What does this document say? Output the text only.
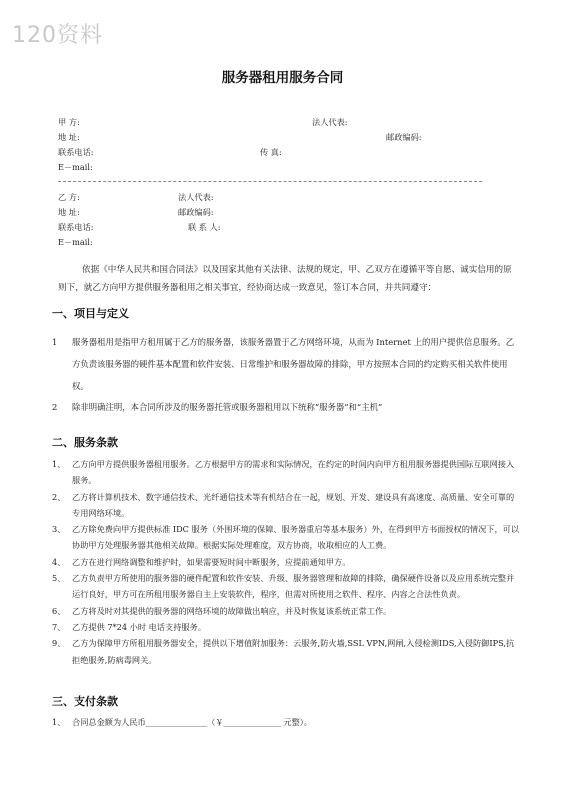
120资料
服务器租用服务合同
甲 方:	法人代表:
地 址:	邮政编码:
联系电话:	传 真:
E－mail:
乙 方:	法人代表:
地 址:	邮政编码:
联系电话:	联 系 人:
E－mail:
依据《中华人民共和国合同法》以及国家其他有关法律、法规的规定，甲、乙双方在遵循平等自愿、诚实信用的原则下，就乙方向甲方提供服务器租用之相关事宜，经协商达成一致意见，签订本合同，并共同遵守：
一、项目与定义
1 服务器租用是指甲方租用属于乙方的服务器，该服务器置于乙方网络环境，从而为 Internet 上的用户提供信息服务。乙方负责该服务器的硬件基本配置和软件安装、日常维护和服务器故障的排除，甲方按照本合同的约定购买相关软件使用权。
2 除非明确注明，本合同所涉及的服务器托管或服务器租用以下统称“服务器”和“主机”
二、服务条款
1、 乙方向甲方提供服务器租用服务。乙方根据甲方的需求和实际情况，在约定的时间内向甲方租用服务器提供国际互联网接入服务。
2、 乙方将计算机技术、数字通信技术、光纤通信技术等有机结合在一起，规划、开发、建设具有高速度、高质量、安全可靠的专用网络环境。
3、 乙方除免费向甲方提供标准 IDC 服务（外围环境的保障、服务器重启等基本服务）外，在得到甲方书面授权的情况下，可以协助甲方处理服务器其他相关故障。根据实际处理难度，双方协商，收取相应的人工费。
4、 乙方在进行网络调整和维护时，如果需要短时间中断服务，应提前通知甲方。
5、 乙方负责甲方所使用的服务器的硬件配置和软件安装、升级、服务器管理和故障的排除，确保硬件设备以及应用系统完整并运行良好，甲方可在所租用服务器自主上安装软件，程序，但需对所使用之软件、程序、内容之合法性负责。
6、 乙方将及时对其提供的服务器的网络环境的故障做出响应，并及时恢复该系统正常工作。
7、 乙方提供 7*24 小时 电话支持服务。
9、 乙方为保障甲方所租用服务器安全，提供以下增值附加服务：云服务,防火墙,SSL VPN,网闸,入侵检测IDS,入侵防御IPS,抗拒绝服务,防病毒网关。
三、支付条款
1、 合同总金额为人民币_______________（￥______________ 元整）。
